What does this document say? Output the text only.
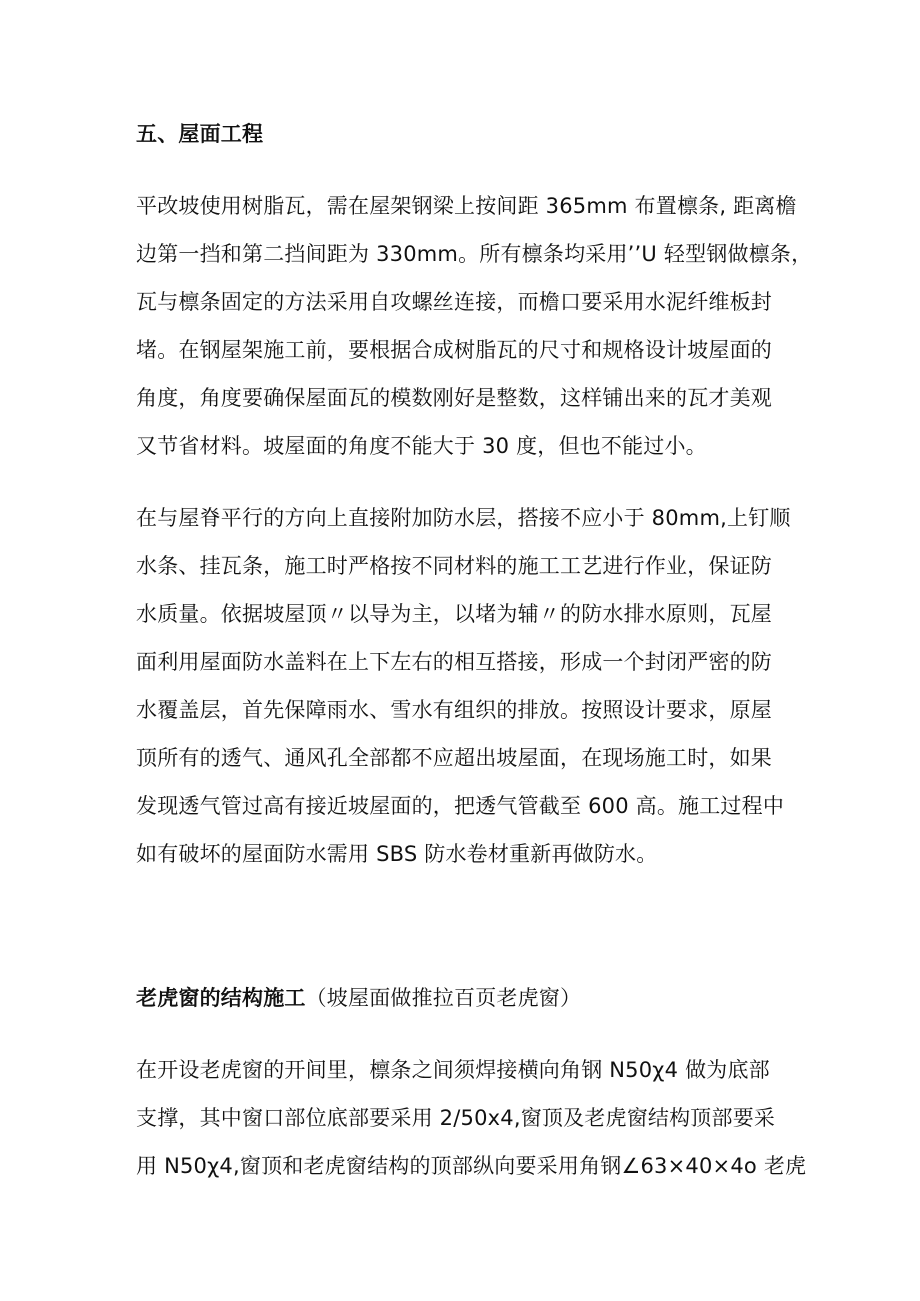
五、屋面工程
平改坡使用树脂瓦，需在屋架钢梁上按间距 365mm 布置檩条, 距离檐
边第一挡和第二挡间距为 330mm。所有檩条均采用’’U 轻型钢做檩条，
瓦与檩条固定的方法采用自攻螺丝连接，而檐口要采用水泥纤维板封
堵。在钢屋架施工前，要根据合成树脂瓦的尺寸和规格设计坡屋面的
角度，角度要确保屋面瓦的模数刚好是整数，这样铺出来的瓦才美观
又节省材料。坡屋面的角度不能大于 30 度，但也不能过小。
在与屋脊平行的方向上直接附加防水层，搭接不应小于 80mm,上钉顺
水条、挂瓦条，施工时严格按不同材料的施工工艺进行作业，保证防
水质量。依据坡屋顶〃以导为主，以堵为辅〃的防水排水原则，瓦屋
面利用屋面防水盖料在上下左右的相互搭接，形成一个封闭严密的防
水覆盖层，首先保障雨水、雪水有组织的排放。按照设计要求，原屋
顶所有的透气、通风孔全部都不应超出坡屋面，在现场施工时，如果
发现透气管过高有接近坡屋面的，把透气管截至 600 高。施工过程中
如有破坏的屋面防水需用 SBS 防水卷材重新再做防水。
老虎窗的结构施工（坡屋面做推拉百页老虎窗）
在开设老虎窗的开间里，檩条之间须焊接横向角钢 N50χ4 做为底部
支撑，其中窗口部位底部要采用 2/50x4,窗顶及老虎窗结构顶部要采
用 N50χ4,窗顶和老虎窗结构的顶部纵向要采用角钢∠63×40×4o 老虎
